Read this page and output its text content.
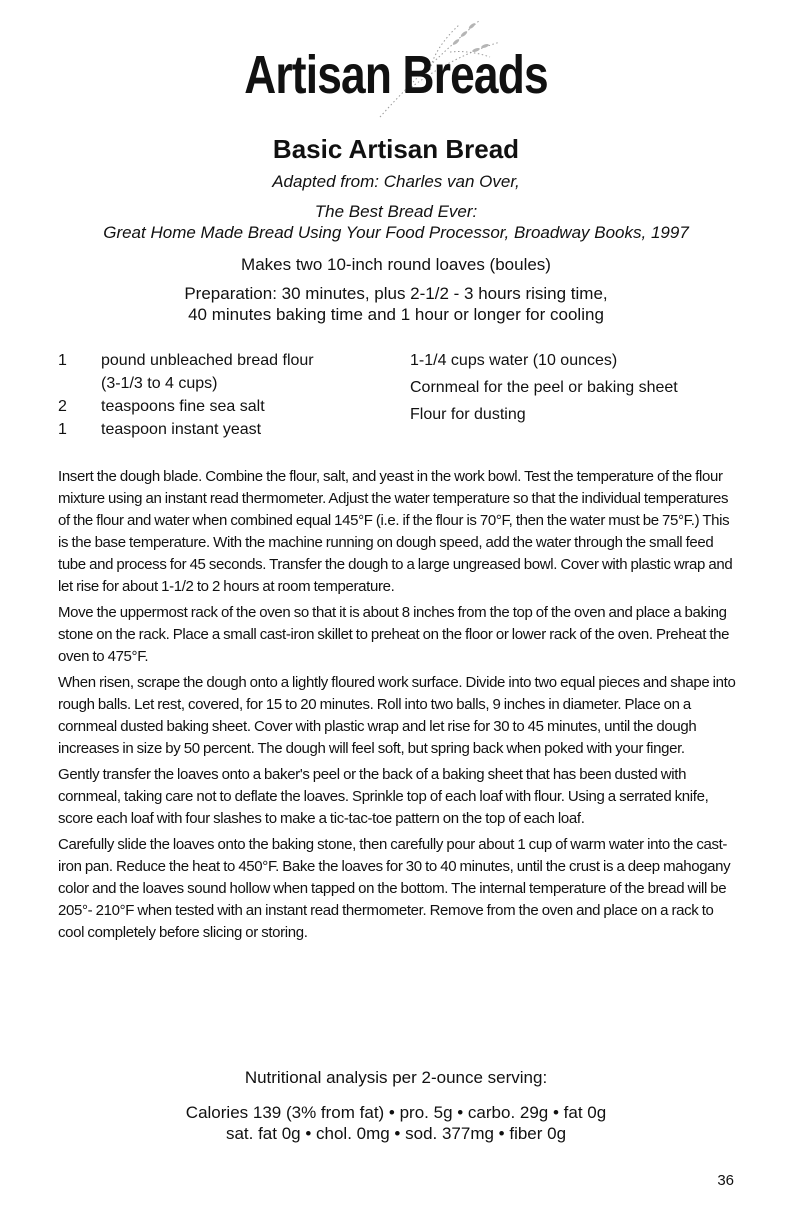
Artisan Breads
Basic Artisan Bread
Adapted from: Charles van Over,
The Best Bread Ever:
Great Home Made Bread Using Your Food Processor, Broadway Books, 1997
Makes two 10-inch round loaves (boules)
Preparation: 30 minutes, plus 2-1/2 - 3 hours rising time,
40 minutes baking time and 1 hour or longer for cooling
1	pound unbleached bread flour
(3-1/3 to 4 cups)
2	teaspoons fine sea salt
1	teaspoon instant yeast
1-1/4 cups water (10 ounces)
Cornmeal for the peel or baking sheet
Flour for dusting

Insert the dough blade. Combine the flour, salt, and yeast in the work bowl. Test the temperature of the flour mixture using an instant read thermometer. Adjust the water temperature so that the individual temperatures of the flour and water when combined equal 145°F (i.e. if the flour is 70°F, then the water must be 75°F.) This is the base temperature. With the machine running on dough speed, add the water through the small feed tube and process for 45 seconds. Transfer the dough to a large ungreased bowl. Cover with plastic wrap and let rise for about 1-1/2 to 2 hours at room temperature.

Move the uppermost rack of the oven so that it is about 8 inches from the top of the oven and place a baking stone on the rack. Place a small cast-iron skillet to preheat on the floor or lower rack of the oven. Preheat the oven to 475°F.

When risen, scrape the dough onto a lightly floured work surface. Divide into two equal pieces and shape into rough balls. Let rest, covered, for 15 to 20 minutes. Roll into two balls, 9 inches in diameter. Place on a cornmeal dusted baking sheet. Cover with plastic wrap and let rise for 30 to 45 minutes, until the dough increases in size by 50 percent. The dough will feel soft, but spring back when poked with your finger.

Gently transfer the loaves onto a baker's peel or the back of a baking sheet that has been dusted with cornmeal, taking care not to deflate the loaves. Sprinkle top of each loaf with flour. Using a serrated knife, score each loaf with four slashes to make a tic-tac-toe pattern on the top of each loaf.

Carefully slide the loaves onto the baking stone, then carefully pour about 1 cup of warm water into the cast-iron pan. Reduce the heat to 450°F. Bake the loaves for 30 to 40 minutes, until the crust is a deep mahogany color and the loaves sound hollow when tapped on the bottom. The internal temperature of the bread will be 205°- 210°F when tested with an instant read thermometer. Remove from the oven and place on a rack to cool completely before slicing or storing.

Nutritional analysis per 2-ounce serving:
Calories 139 (3% from fat) • pro. 5g • carbo. 29g • fat 0g
sat. fat 0g • chol. 0mg • sod. 377mg • fiber 0g
36
